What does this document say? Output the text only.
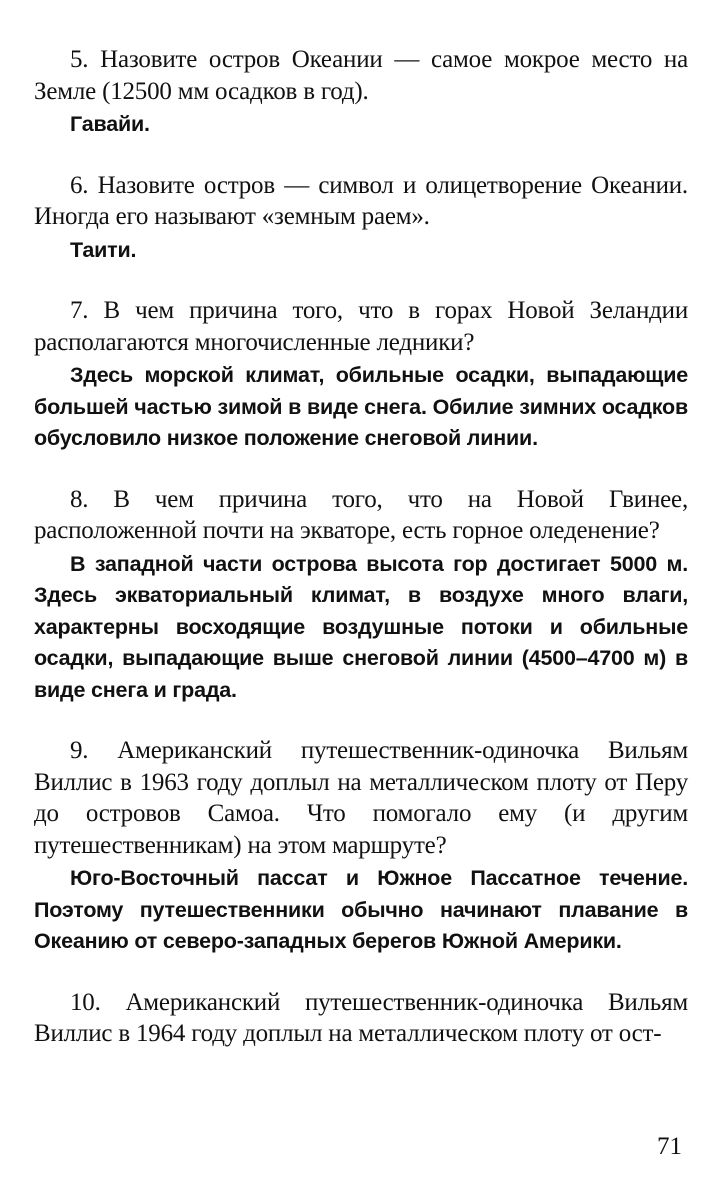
5. Назовите остров Океании — самое мокрое место на Земле (12500 мм осадков в год).

Гавайи.

6. Назовите остров — символ и олицетворение Океании. Иногда его называют «земным раем».

Таити.

7. В чем причина того, что в горах Новой Зеландии располагаются многочисленные ледники?

Здесь морской климат, обильные осадки, выпадающие большей частью зимой в виде снега. Обилие зимних осадков обусловило низкое положение снеговой линии.

8. В чем причина того, что на Новой Гвинее, расположенной почти на экваторе, есть горное оледенение?

В западной части острова высота гор достигает 5000 м. Здесь экваториальный климат, в воздухе много влаги, характерны восходящие воздушные потоки и обильные осадки, выпадающие выше снеговой линии (4500–4700 м) в виде снега и града.

9. Американский путешественник-одиночка Вильям Виллис в 1963 году доплыл на металлическом плоту от Перу до островов Самоа. Что помогало ему (и другим путешественникам) на этом маршруте?

Юго-Восточный пассат и Южное Пассатное течение. Поэтому путешественники обычно начинают плавание в Океанию от северо-западных берегов Южной Америки.

10. Американский путешественник-одиночка Вильям Виллис в 1964 году доплыл на металлическом плоту от ост-

71
